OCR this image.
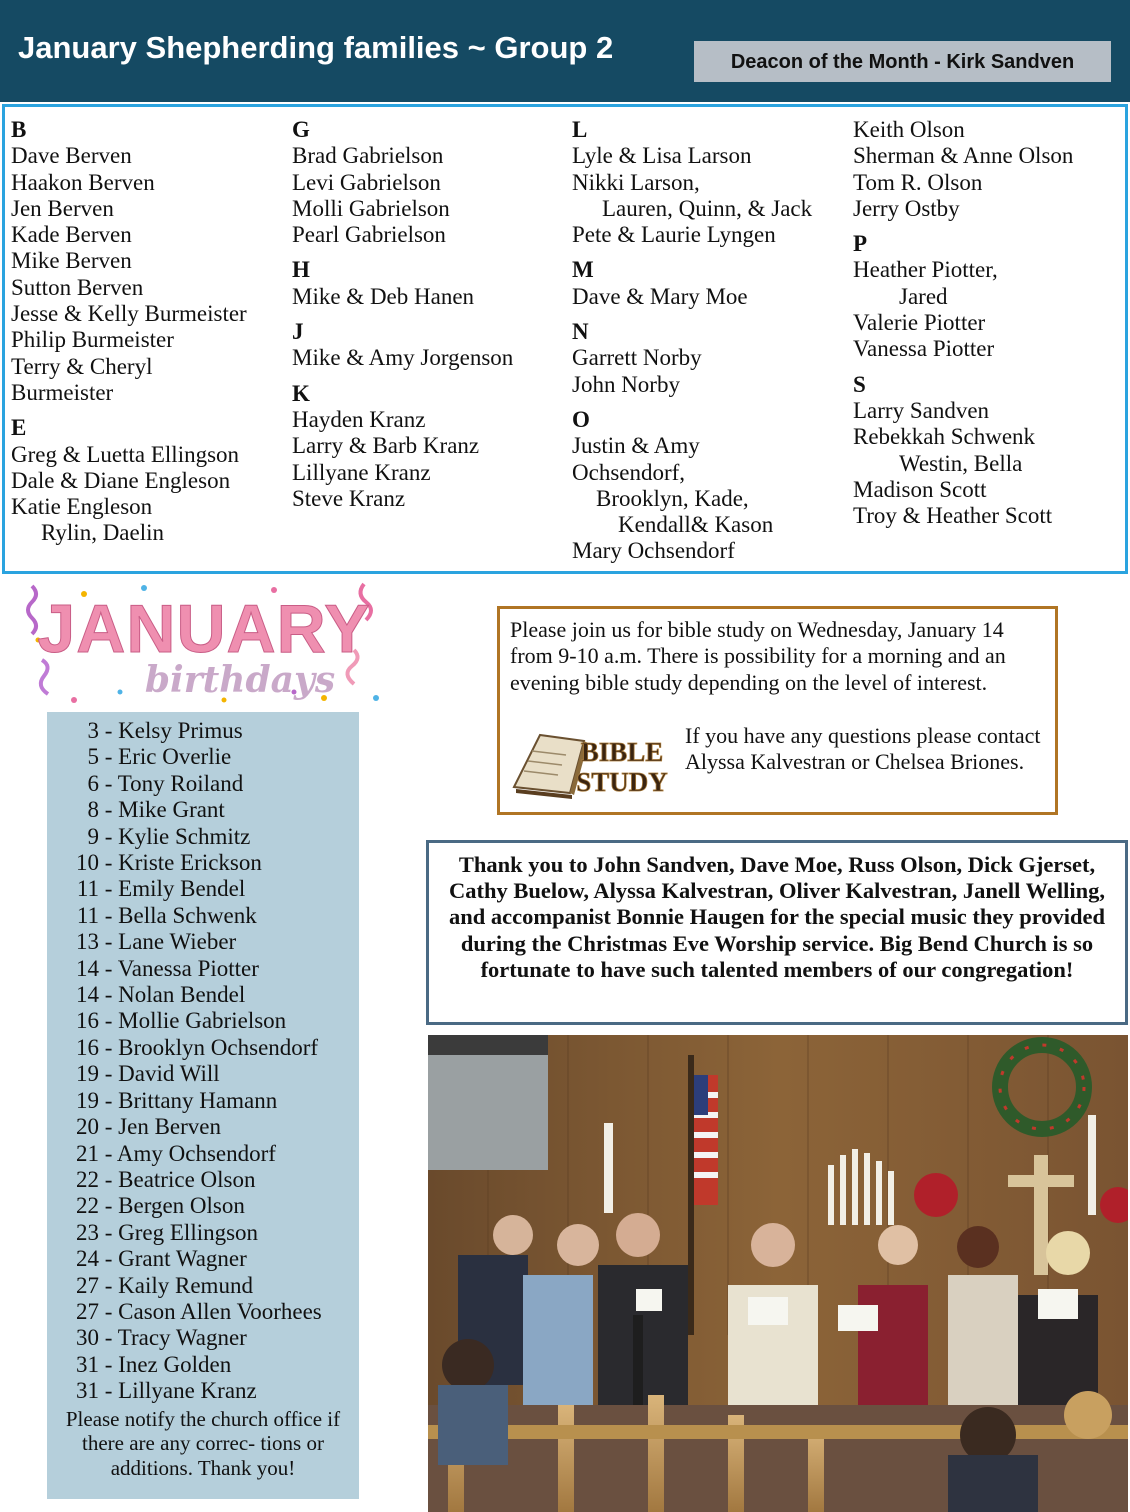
January Shepherding families ~ Group 2	Deacon of the Month - Kirk Sandven
B
Dave Berven
Haakon Berven
Jen Berven
Kade Berven
Mike Berven
Sutton Berven
Jesse & Kelly Burmeister
Philip Burmeister
Terry & Cheryl
Burmeister
E
Greg & Luetta Ellingson
Dale & Diane Engleson
Katie Engleson
Rylin, Daelin
G
Brad Gabrielson
Levi Gabrielson
Molli Gabrielson
Pearl Gabrielson
H
Mike & Deb Hanen
J
Mike & Amy Jorgenson
K
Hayden Kranz
Larry & Barb Kranz
Lillyane Kranz
Steve Kranz
L
Lyle & Lisa Larson
Nikki Larson,
Lauren, Quinn, & Jack
Pete & Laurie Lyngen
M
Dave & Mary Moe
N
Garrett Norby
John Norby
O
Justin & Amy
Ochsendorf,
Brooklyn, Kade,
Kendall& Kason
Mary Ochsendorf
Keith Olson
Sherman & Anne Olson
Tom R. Olson
Jerry Ostby
P
Heather Piotter,
Jared
Valerie Piotter
Vanessa Piotter
S
Larry Sandven
Rebekkah Schwenk
Westin, Bella
Madison Scott
Troy & Heather Scott
JANUARY
birthdays
3 - Kelsy Primus
5 - Eric Overlie
6 - Tony Roiland
8 - Mike Grant
9 - Kylie Schmitz
10 - Kriste Erickson
11 - Emily Bendel
11 - Bella Schwenk
13 - Lane Wieber
14 - Vanessa Piotter
14 - Nolan Bendel
16 - Mollie Gabrielson
16 - Brooklyn Ochsendorf
19 - David Will
19 - Brittany Hamann
20 - Jen Berven
21 - Amy Ochsendorf
22 - Beatrice Olson
22 - Bergen Olson
23 - Greg Ellingson
24 - Grant Wagner
27 - Kaily Remund
27 - Cason Allen Voorhees
30 - Tracy Wagner
31 - Inez Golden
31 - Lillyane Kranz
Please notify the church office if there are any correc- tions or additions. Thank you!
Please join us for bible study on Wednesday, January 14 from 9-10 a.m. There is possibility for a morning and an evening bible study depending on the level of interest.
BIBLE
STUDY
If you have any questions please contact Alyssa Kalvestran or Chelsea Briones.
Thank you to John Sandven, Dave Moe, Russ Olson, Dick Gjerset, Cathy Buelow, Alyssa Kalvestran, Oliver Kalvestran, Janell Welling, and accompanist Bonnie Haugen for the special music they provided during the Christmas Eve Worship service. Big Bend Church is so fortunate to have such talented members of our congregation!
